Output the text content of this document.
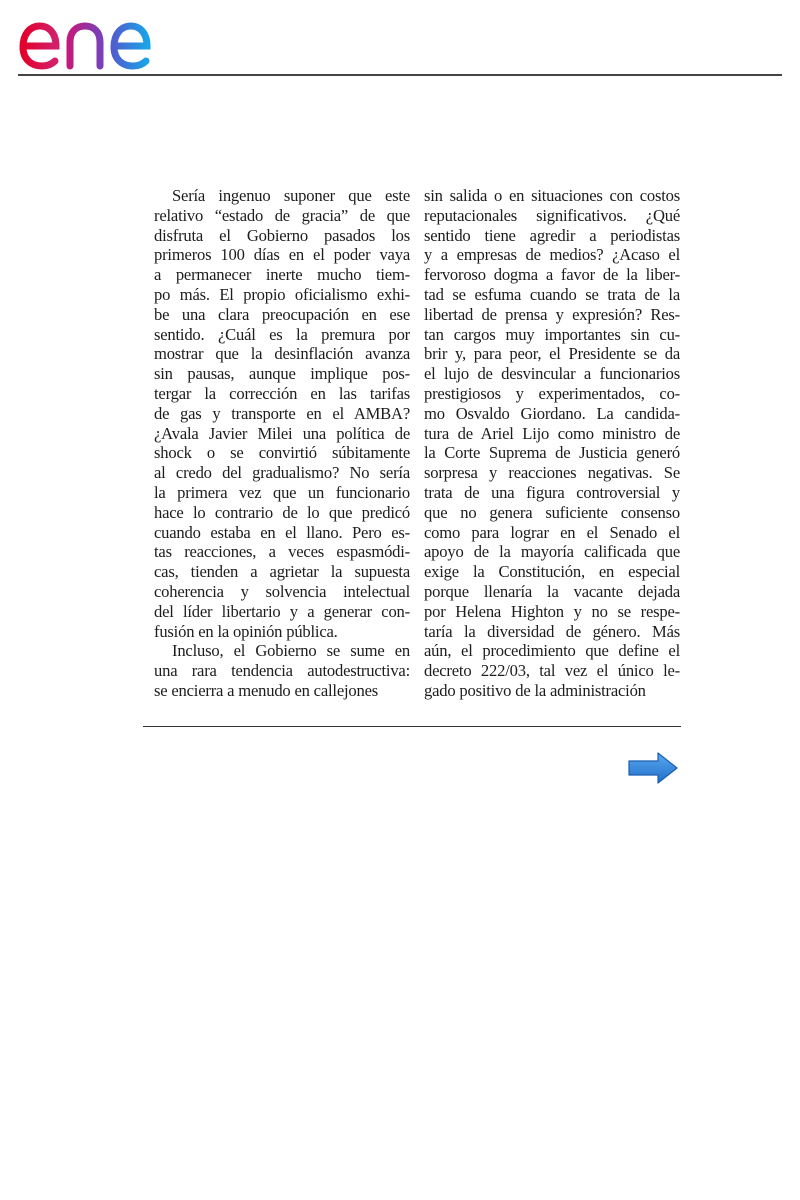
Sería ingenuo suponer que este
relativo “estado de gracia” de que
disfruta el Gobierno pasados los
primeros 100 días en el poder vaya
a permanecer inerte mucho tiem-
po más. El propio oficialismo exhi-
be una clara preocupación en ese
sentido. ¿Cuál es la premura por
mostrar que la desinflación avanza
sin pausas, aunque implique pos-
tergar la corrección en las tarifas
de gas y transporte en el AMBA?
¿Avala Javier Milei una política de
shock o se convirtió súbitamente
al credo del gradualismo? No sería
la primera vez que un funcionario
hace lo contrario de lo que predicó
cuando estaba en el llano. Pero es-
tas reacciones, a veces espasmódi-
cas, tienden a agrietar la supuesta
coherencia y solvencia intelectual
del líder libertario y a generar con-
fusión en la opinión pública.
Incluso, el Gobierno se sume en
una rara tendencia autodestructiva:
se encierra a menudo en callejones
sin salida o en situaciones con costos
reputacionales significativos. ¿Qué
sentido tiene agredir a periodistas
y a empresas de medios? ¿Acaso el
fervoroso dogma a favor de la liber-
tad se esfuma cuando se trata de la
libertad de prensa y expresión? Res-
tan cargos muy importantes sin cu-
brir y, para peor, el Presidente se da
el lujo de desvincular a funcionarios
prestigiosos y experimentados, co-
mo Osvaldo Giordano. La candida-
tura de Ariel Lijo como ministro de
la Corte Suprema de Justicia generó
sorpresa y reacciones negativas. Se
trata de una figura controversial y
que no genera suficiente consenso
como para lograr en el Senado el
apoyo de la mayoría calificada que
exige la Constitución, en especial
porque llenaría la vacante dejada
por Helena Highton y no se respe-
taría la diversidad de género. Más
aún, el procedimiento que define el
decreto 222/03, tal vez el único le-
gado positivo de la administración
